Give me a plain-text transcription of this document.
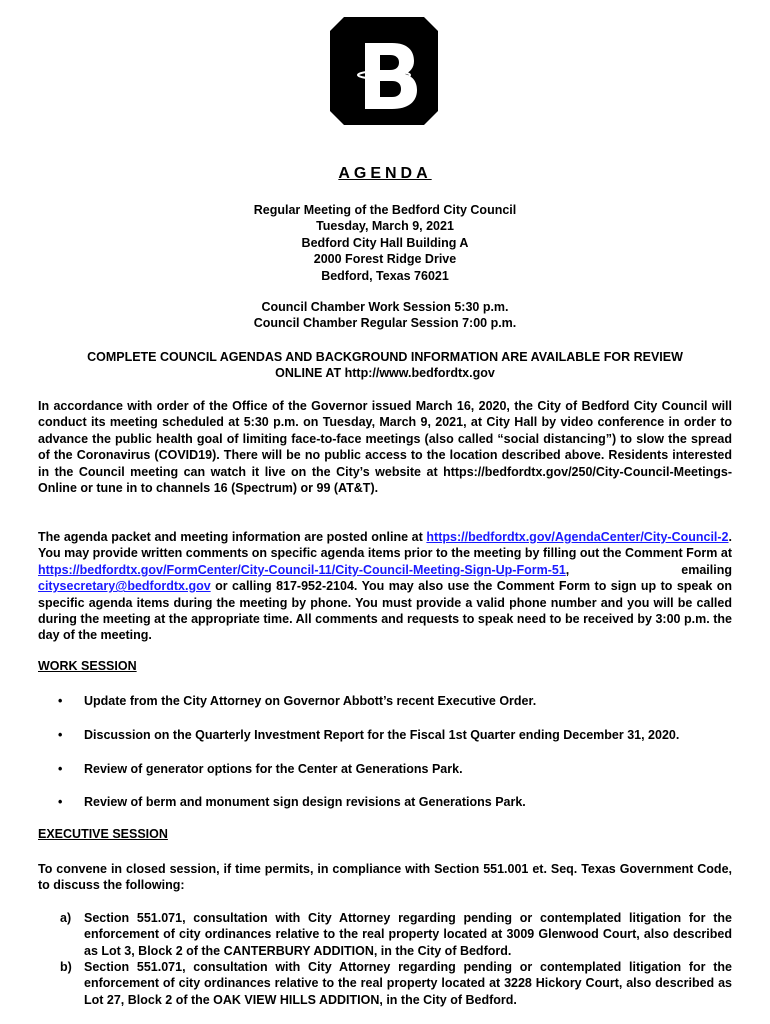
AGENDA
Regular Meeting of the Bedford City Council
Tuesday, March 9, 2021
Bedford City Hall Building A
2000 Forest Ridge Drive
Bedford, Texas 76021
Council Chamber Work Session 5:30 p.m.
Council Chamber Regular Session 7:00 p.m.
COMPLETE COUNCIL AGENDAS AND BACKGROUND INFORMATION ARE AVAILABLE FOR REVIEW
ONLINE AT http://www.bedfordtx.gov
In accordance with order of the Office of the Governor issued March 16, 2020, the City of Bedford City Council will conduct its meeting scheduled at 5:30 p.m. on Tuesday, March 9, 2021, at City Hall by video conference in order to advance the public health goal of limiting face-to-face meetings (also called “social distancing”) to slow the spread of the Coronavirus (COVID19). There will be no public access to the location described above. Residents interested in the Council meeting can watch it live on the City’s website at https://bedfordtx.gov/250/City-Council-Meetings-Online or tune in to channels 16 (Spectrum) or 99 (AT&T).
The agenda packet and meeting information are posted online at https://bedfordtx.gov/AgendaCenter/City-Council-2. You may provide written comments on specific agenda items prior to the meeting by filling out the Comment Form at https://bedfordtx.gov/FormCenter/City-Council-11/City-Council-Meeting-Sign-Up-Form-51, emailing citysecretary@bedfordtx.gov or calling 817-952-2104. You may also use the Comment Form to sign up to speak on specific agenda items during the meeting by phone. You must provide a valid phone number and you will be called during the meeting at the appropriate time. All comments and requests to speak need to be received by 3:00 p.m. the day of the meeting.
WORK SESSION
• Update from the City Attorney on Governor Abbott’s recent Executive Order.
• Discussion on the Quarterly Investment Report for the Fiscal 1st Quarter ending December 31, 2020.
• Review of generator options for the Center at Generations Park.
• Review of berm and monument sign design revisions at Generations Park.
EXECUTIVE SESSION
To convene in closed session, if time permits, in compliance with Section 551.001 et. Seq. Texas Government Code, to discuss the following:
a) Section 551.071, consultation with City Attorney regarding pending or contemplated litigation for the enforcement of city ordinances relative to the real property located at 3009 Glenwood Court, also described as Lot 3, Block 2 of the CANTERBURY ADDITION, in the City of Bedford.
b) Section 551.071, consultation with City Attorney regarding pending or contemplated litigation for the enforcement of city ordinances relative to the real property located at 3228 Hickory Court, also described as Lot 27, Block 2 of the OAK VIEW HILLS ADDITION, in the City of Bedford.
